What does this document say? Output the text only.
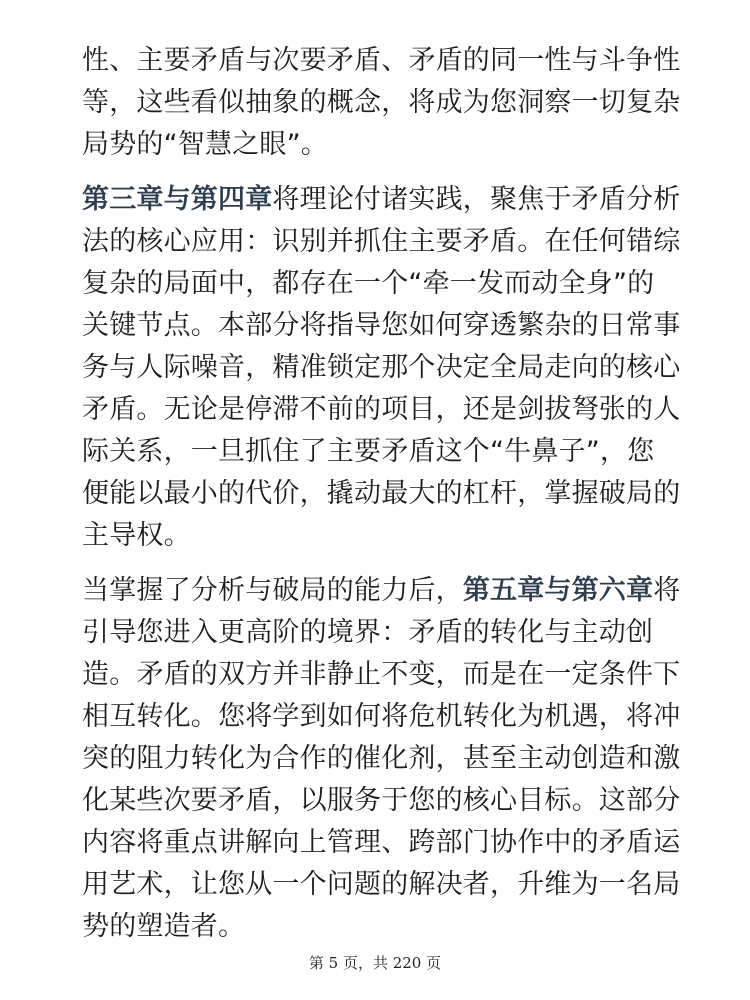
性、主要矛盾与次要矛盾、矛盾的同一性与斗争性
等，这些看似抽象的概念，将成为您洞察一切复杂
局势的“智慧之眼”。

第三章与第四章将理论付诸实践，聚焦于矛盾分析
法的核心应用：识别并抓住主要矛盾。在任何错综
复杂的局面中，都存在一个“牵一发而动全身”的
关键节点。本部分将指导您如何穿透繁杂的日常事
务与人际噪音，精准锁定那个决定全局走向的核心
矛盾。无论是停滞不前的项目，还是剑拔弩张的人
际关系，一旦抓住了主要矛盾这个“牛鼻子”，您
便能以最小的代价，撬动最大的杠杆，掌握破局的
主导权。

当掌握了分析与破局的能力后，第五章与第六章将
引导您进入更高阶的境界：矛盾的转化与主动创
造。矛盾的双方并非静止不变，而是在一定条件下
相互转化。您将学到如何将危机转化为机遇，将冲
突的阻力转化为合作的催化剂，甚至主动创造和激
化某些次要矛盾，以服务于您的核心目标。这部分
内容将重点讲解向上管理、跨部门协作中的矛盾运
用艺术，让您从一个问题的解决者，升维为一名局
势的塑造者。

第 5 页，共 220 页
